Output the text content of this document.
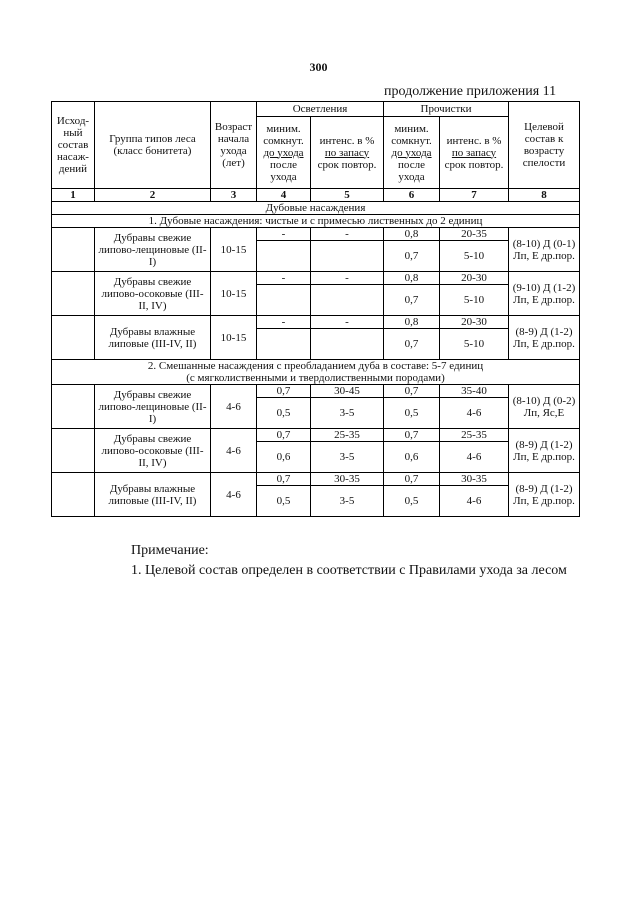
300
продолжение приложения 11
Исход-ный состав насаж-дений	Группа типов леса (класс бонитета)	Возраст начала ухода (лет)	Осветления		Прочистки		Целевой состав к возрасту спелости
			миним. сомкнут.
до ухода
после ухода	интенс. в %
по запасу
срок повтор.	миним. сомкнут.
до ухода
после ухода	интенс. в %
по запасу
срок повтор.	
1	2	3	4	5	6	7	8
Дубовые насаждения							
1. Дубовые насаждения: чистые и с примесью лиственных до 2 единиц							
	Дубравы свежие липово-лещиновые (II-I)	10-15	-	-	0,8	20-35	(8-10) Д (0-1) Лп, Е др.пор.
					0,7	5-10	
	Дубравы свежие липово-осоковые (III-II, IV)	10-15	-	-	0,8	20-30	(9-10) Д (1-2) Лп, Е др.пор.
					0,7	5-10	
	Дубравы влажные липовые (III-IV, II)	10-15	-	-	0,8	20-30	(8-9) Д (1-2) Лп, Е др.пор.
					0,7	5-10	
2. Смешанные насаждения с преобладанием дуба в составе: 5-7 единиц
(с мягколиственными и твердолиственными породами)							
	Дубравы свежие липово-лещиновые (II-I)	4-6	0,7	30-45	0,7	35-40	(8-10) Д (0-2) Лп, Яс,Е
			0,5	3-5	0,5	4-6	
	Дубравы свежие липово-осоковые (III-II, IV)	4-6	0,7	25-35	0,7	25-35	(8-9) Д (1-2) Лп, Е др.пор.
			0,6	3-5	0,6	4-6	
	Дубравы влажные липовые (III-IV, II)	4-6	0,7	30-35	0,7	30-35	(8-9) Д (1-2) Лп, Е др.пор.
			0,5	3-5	0,5	4-6	
Примечание:
1. Целевой состав определен в соответствии с Правилами ухода за лесом
